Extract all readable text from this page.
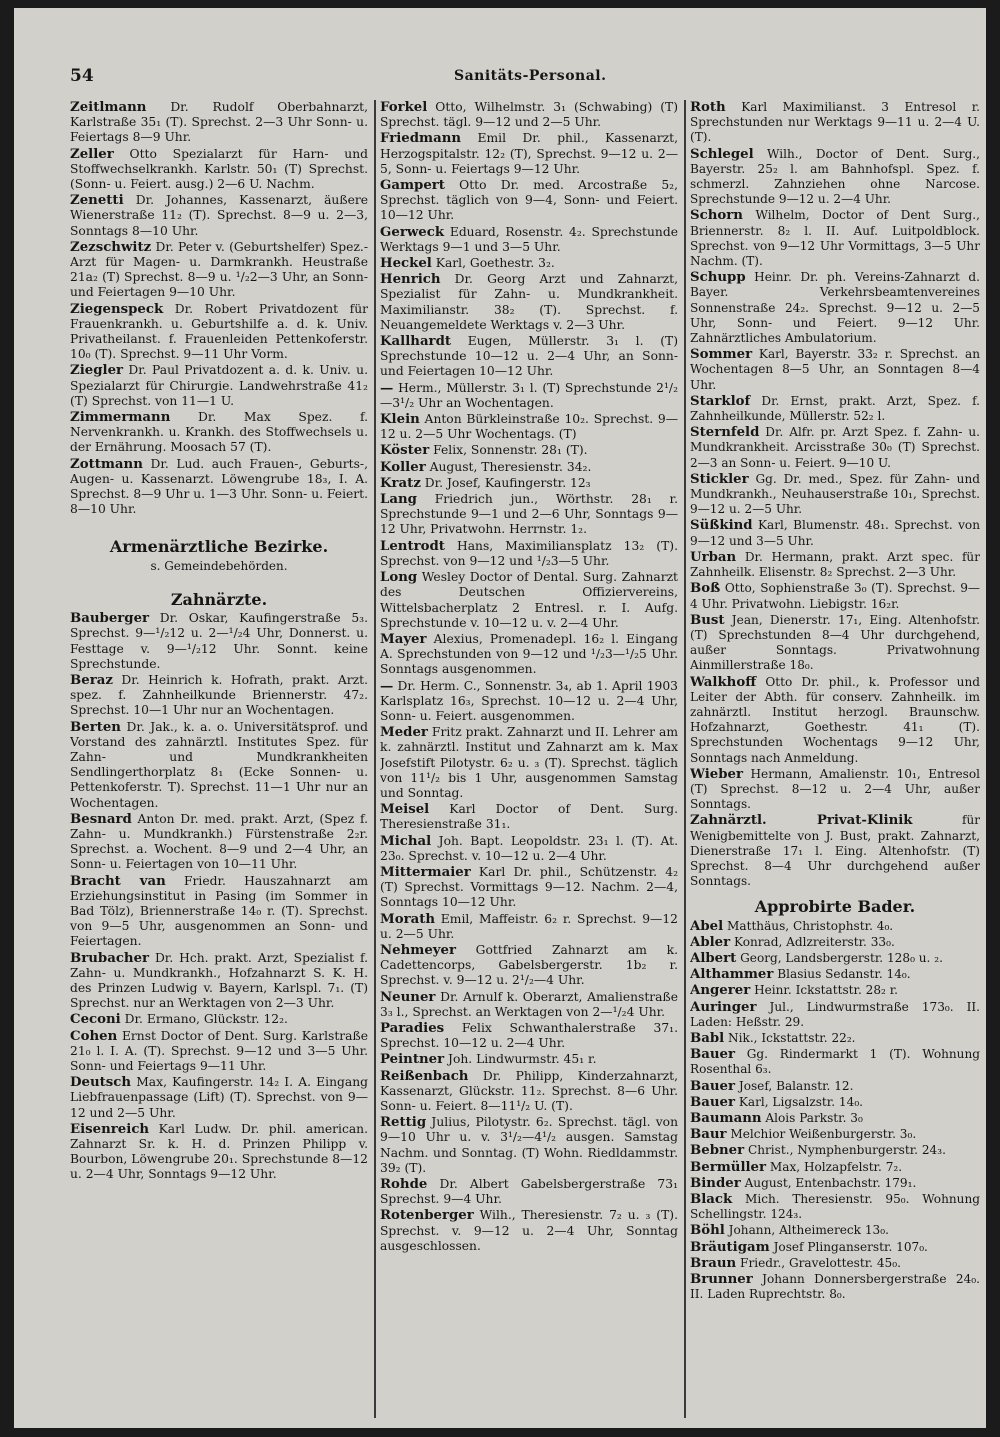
54	Sanitäts-Personal.
Zeitlmann Dr. Rudolf Oberbahnarzt, Karlstraße 35₁ (T). Sprechst. 2—3 Uhr Sonn- u. Feiertags 8—9 Uhr.
Zeller Otto Spezialarzt für Harn- und Stoffwechselkrankh. Karlstr. 50₁ (T) Sprechst. (Sonn- u. Feiert. ausg.) 2—6 U. Nachm.
Zenetti Dr. Johannes, Kassenarzt, äußere Wienerstraße 11₂ (T). Sprechst. 8—9 u. 2—3, Sonntags 8—10 Uhr.
Zezschwitz Dr. Peter v. (Geburtshelfer) Spez.-Arzt für Magen- u. Darmkrankh. Heustraße 21a₂ (T) Sprechst. 8—9 u. ¹/₂2—3 Uhr, an Sonn- und Feiertagen 9—10 Uhr.
Ziegenspeck Dr. Robert Privatdozent für Frauenkrankh. u. Geburtshilfe a. d. k. Univ. Privatheilanst. f. Frauenleiden Pettenkoferstr. 10₀ (T). Sprechst. 9—11 Uhr Vorm.
Ziegler Dr. Paul Privatdozent a. d. k. Univ. u. Spezialarzt für Chirurgie. Landwehrstraße 41₂ (T) Sprechst. von 11—1 U.
Zimmermann Dr. Max Spez. f. Nervenkrankh. u. Krankh. des Stoffwechsels u. der Ernährung. Moosach 57 (T).
Zottmann Dr. Lud. auch Frauen-, Geburts-, Augen- u. Kassenarzt. Löwengrube 18₃, I. A. Sprechst. 8—9 Uhr u. 1—3 Uhr. Sonn- u. Feiert. 8—10 Uhr.
Armenärztliche Bezirke.
s. Gemeindebehörden.
Zahnärzte.
Bauberger Dr. Oskar, Kaufingerstraße 5₃. Sprechst. 9—¹/₂12 u. 2—¹/₂4 Uhr, Donnerst. u. Festtage v. 9—¹/₂12 Uhr. Sonnt. keine Sprechstunde.
Beraz Dr. Heinrich k. Hofrath, prakt. Arzt. spez. f. Zahnheilkunde Briennerstr. 47₂. Sprechst. 10—1 Uhr nur an Wochentagen.
Berten Dr. Jak., k. a. o. Universitätsprof. und Vorstand des zahnärztl. Institutes Spez. für Zahn- und Mundkrankheiten Sendlingerthorplatz 8₁ (Ecke Sonnen- u. Pettenkoferstr. T). Sprechst. 11—1 Uhr nur an Wochentagen.
Besnard Anton Dr. med. prakt. Arzt, (Spez f. Zahn- u. Mundkrankh.) Fürstenstraße 2₂r. Sprechst. a. Wochent. 8—9 und 2—4 Uhr, an Sonn- u. Feiertagen von 10—11 Uhr.
Bracht van Friedr. Hauszahnarzt am Erziehungsinstitut in Pasing (im Sommer in Bad Tölz), Briennerstraße 14₀ r. (T). Sprechst. von 9—5 Uhr, ausgenommen an Sonn- und Feiertagen.
Brubacher Dr. Hch. prakt. Arzt, Spezialist f. Zahn- u. Mundkrankh., Hofzahnarzt S. K. H. des Prinzen Ludwig v. Bayern, Karlspl. 7₁. (T) Sprechst. nur an Werktagen von 2—3 Uhr.
Ceconi Dr. Ermano, Glückstr. 12₂.
Cohen Ernst Doctor of Dent. Surg. Karlstraße 21₀ l. I. A. (T). Sprechst. 9—12 und 3—5 Uhr. Sonn- und Feiertags 9—11 Uhr.
Deutsch Max, Kaufingerstr. 14₂ I. A. Eingang Liebfrauenpassage (Lift) (T). Sprechst. von 9—12 und 2—5 Uhr.
Eisenreich Karl Ludw. Dr. phil. american. Zahnarzt Sr. k. H. d. Prinzen Philipp v. Bourbon, Löwengrube 20₁. Sprechstunde 8—12 u. 2—4 Uhr, Sonntags 9—12 Uhr.
Forkel Otto, Wilhelmstr. 3₁ (Schwabing) (T) Sprechst. tägl. 9—12 und 2—5 Uhr.
Friedmann Emil Dr. phil., Kassenarzt, Herzogspitalstr. 12₂ (T), Sprechst. 9—12 u. 2—5, Sonn- u. Feiertags 9—12 Uhr.
Gampert Otto Dr. med. Arcostraße 5₂, Sprechst. täglich von 9—4, Sonn- und Feiert. 10—12 Uhr.
Gerweck Eduard, Rosenstr. 4₂. Sprechstunde Werktags 9—1 und 3—5 Uhr.
Heckel Karl, Goethestr. 3₂.
Henrich Dr. Georg Arzt und Zahnarzt, Spezialist für Zahn- u. Mundkrankheit. Maximilianstr. 38₂ (T). Sprechst. f. Neuangemeldete Werktags v. 2—3 Uhr.
Kallhardt Eugen, Müllerstr. 3₁ l. (T) Sprechstunde 10—12 u. 2—4 Uhr, an Sonn- und Feiertagen 10—12 Uhr.
— Herm., Müllerstr. 3₁ l. (T) Sprechstunde 2¹/₂—3¹/₂ Uhr an Wochentagen.
Klein Anton Bürkleinstraße 10₂. Sprechst. 9—12 u. 2—5 Uhr Wochentags. (T)
Köster Felix, Sonnenstr. 28₁ (T).
Koller August, Theresienstr. 34₂.
Kratz Dr. Josef, Kaufingerstr. 12₃
Lang Friedrich jun., Wörthstr. 28₁ r. Sprechstunde 9—1 und 2—6 Uhr, Sonntags 9—12 Uhr, Privatwohn. Herrnstr. 1₂.
Lentrodt Hans, Maximiliansplatz 13₂ (T). Sprechst. von 9—12 und ¹/₂3—5 Uhr.
Long Wesley Doctor of Dental. Surg. Zahnarzt des Deutschen Offiziervereins, Wittelsbacherplatz 2 Entresl. r. I. Aufg. Sprechstunde v. 10—12 u. v. 2—4 Uhr.
Mayer Alexius, Promenadepl. 16₂ l. Eingang A. Sprechstunden von 9—12 und ¹/₂3—¹/₂5 Uhr. Sonntags ausgenommen.
— Dr. Herm. C., Sonnenstr. 3₄, ab 1. April 1903 Karlsplatz 16₃, Sprechst. 10—12 u. 2—4 Uhr, Sonn- u. Feiert. ausgenommen.
Meder Fritz prakt. Zahnarzt und II. Lehrer am k. zahnärztl. Institut und Zahnarzt am k. Max Josefstift Pilotystr. 6₂ u. ₃ (T). Sprechst. täglich von 11¹/₂ bis 1 Uhr, ausgenommen Samstag und Sonntag.
Meisel Karl Doctor of Dent. Surg. Theresienstraße 31₁.
Michal Joh. Bapt. Leopoldstr. 23₁ l. (T). At. 23₀. Sprechst. v. 10—12 u. 2—4 Uhr.
Mittermaier Karl Dr. phil., Schützenstr. 4₂ (T) Sprechst. Vormittags 9—12. Nachm. 2—4, Sonntags 10—12 Uhr.
Morath Emil, Maffeistr. 6₂ r. Sprechst. 9—12 u. 2—5 Uhr.
Nehmeyer Gottfried Zahnarzt am k. Cadettencorps, Gabelsbergerstr. 1b₂ r. Sprechst. v. 9—12 u. 2¹/₂—4 Uhr.
Neuner Dr. Arnulf k. Oberarzt, Amalienstraße 3₃ l., Sprechst. an Werktagen von 2—¹/₂4 Uhr.
Paradies Felix Schwanthalerstraße 37₁. Sprechst. 10—12 u. 2—4 Uhr.
Peintner Joh. Lindwurmstr. 45₁ r.
Reißenbach Dr. Philipp, Kinderzahnarzt, Kassenarzt, Glückstr. 11₂. Sprechst. 8—6 Uhr. Sonn- u. Feiert. 8—11¹/₂ U. (T).
Rettig Julius, Pilotystr. 6₂. Sprechst. tägl. von 9—10 Uhr u. v. 3¹/₂—4¹/₂ ausgen. Samstag Nachm. und Sonntag. (T) Wohn. Riedldammstr. 39₂ (T).
Rohde Dr. Albert Gabelsbergerstraße 73₁ Sprechst. 9—4 Uhr.
Rotenberger Wilh., Theresienstr. 7₂ u. ₃ (T). Sprechst. v. 9—12 u. 2—4 Uhr, Sonntag ausgeschlossen.
Roth Karl Maximilianst. 3 Entresol r. Sprechstunden nur Werktags 9—11 u. 2—4 U. (T).
Schlegel Wilh., Doctor of Dent. Surg., Bayerstr. 25₂ l. am Bahnhofspl. Spez. f. schmerzl. Zahnziehen ohne Narcose. Sprechstunde 9—12 u. 2—4 Uhr.
Schorn Wilhelm, Doctor of Dent Surg., Briennerstr. 8₂ l. II. Auf. Luitpoldblock. Sprechst. von 9—12 Uhr Vormittags, 3—5 Uhr Nachm. (T).
Schupp Heinr. Dr. ph. Vereins-Zahnarzt d. Bayer. Verkehrsbeamtenvereines Sonnenstraße 24₂. Sprechst. 9—12 u. 2—5 Uhr, Sonn- und Feiert. 9—12 Uhr. Zahnärztliches Ambulatorium.
Sommer Karl, Bayerstr. 33₂ r. Sprechst. an Wochentagen 8—5 Uhr, an Sonntagen 8—4 Uhr.
Starklof Dr. Ernst, prakt. Arzt, Spez. f. Zahnheilkunde, Müllerstr. 52₂ l.
Sternfeld Dr. Alfr. pr. Arzt Spez. f. Zahn- u. Mundkrankheit. Arcisstraße 30₀ (T) Sprechst. 2—3 an Sonn- u. Feiert. 9—10 U.
Stickler Gg. Dr. med., Spez. für Zahn- und Mundkrankh., Neuhauserstraße 10₁, Sprechst. 9—12 u. 2—5 Uhr.
Süßkind Karl, Blumenstr. 48₁. Sprechst. von 9—12 und 3—5 Uhr.
Urban Dr. Hermann, prakt. Arzt spec. für Zahnheilk. Elisenstr. 8₂ Sprechst. 2—3 Uhr.
Boß Otto, Sophienstraße 3₀ (T). Sprechst. 9—4 Uhr. Privatwohn. Liebigstr. 16₂r.
Bust Jean, Dienerstr. 17₁, Eing. Altenhofstr. (T) Sprechstunden 8—4 Uhr durchgehend, außer Sonntags. Privatwohnung Ainmillerstraße 18₀.
Walkhoff Otto Dr. phil., k. Professor und Leiter der Abth. für conserv. Zahnheilk. im zahnärztl. Institut herzogl. Braunschw. Hofzahnarzt, Goethestr. 41₁ (T). Sprechstunden Wochentags 9—12 Uhr, Sonntags nach Anmeldung.
Wieber Hermann, Amalienstr. 10₁, Entresol (T) Sprechst. 8—12 u. 2—4 Uhr, außer Sonntags.
Zahnärztl. Privat-Klinik für Wenigbemittelte von J. Bust, prakt. Zahnarzt, Dienerstraße 17₁ l. Eing. Altenhofstr. (T) Sprechst. 8—4 Uhr durchgehend außer Sonntags.
Approbirte Bader.
Abel Matthäus, Christophstr. 4₀.
Abler Konrad, Adlzreiterstr. 33₀.
Albert Georg, Landsbergerstr. 128₀ u. ₂.
Althammer Blasius Sedanstr. 14₀.
Angerer Heinr. Ickstattstr. 28₂ r.
Auringer Jul., Lindwurmstraße 173₀. II. Laden: Heßstr. 29.
Babl Nik., Ickstattstr. 22₂.
Bauer Gg. Rindermarkt 1 (T). Wohnung Rosenthal 6₃.
Bauer Josef, Balanstr. 12.
Bauer Karl, Ligsalzstr. 14₀.
Baumann Alois Parkstr. 3₀
Baur Melchior Weißenburgerstr. 3₀.
Bebner Christ., Nymphenburgerstr. 24₃.
Bermüller Max, Holzapfelstr. 7₂.
Binder August, Entenbachstr. 179₁.
Black Mich. Theresienstr. 95₀. Wohnung Schellingstr. 124₃.
Böhl Johann, Altheimereck 13₀.
Bräutigam Josef Plinganserstr. 107₀.
Braun Friedr., Gravelottestr. 45₀.
Brunner Johann Donnersbergerstraße 24₀. II. Laden Ruprechtstr. 8₀.
